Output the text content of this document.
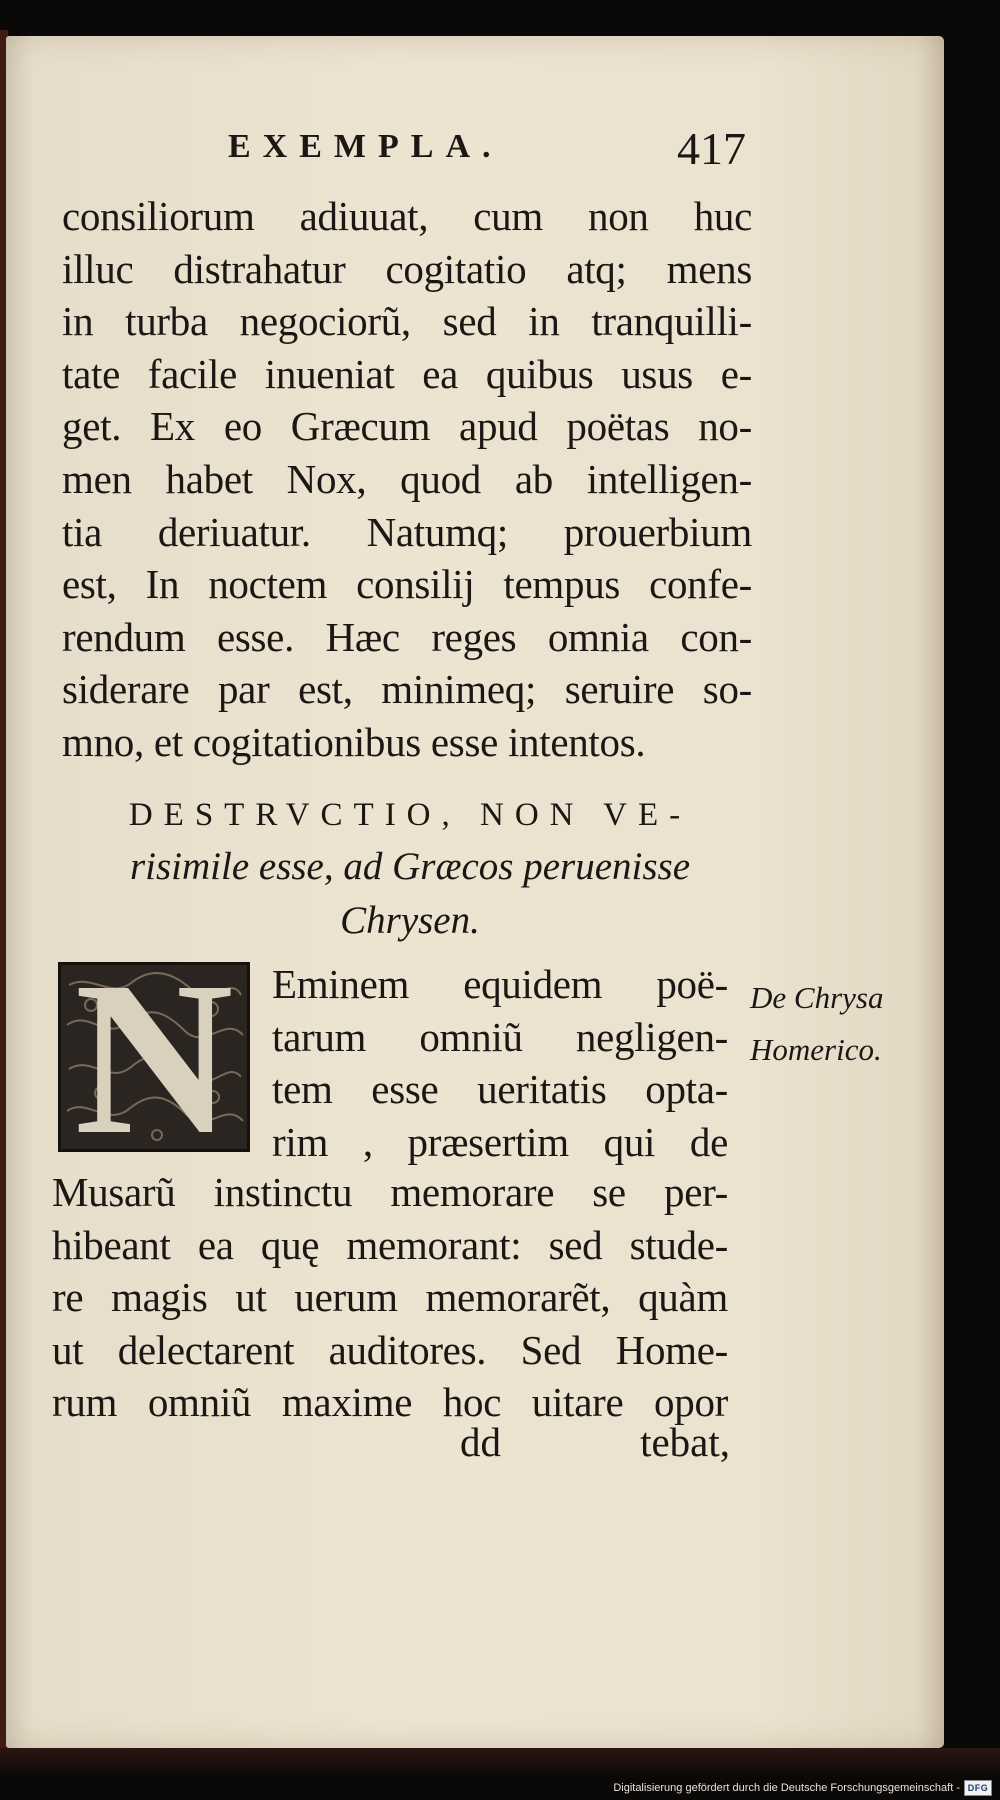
EXEMPLA.	417
consiliorum adiuuat, cum non huc
illuc distrahatur cogitatio atq; mens
in turba negociorũ, sed in tranquilli-
tate facile inueniat ea quibus usus e-
get. Ex eo Græcum apud poëtas no-
men habet Nox, quod ab intelligen-
tia deriuatur. Natumq; prouerbium
est, In noctem consilij tempus confe-
rendum esse. Hæc reges omnia con-
siderare par est, minimeq; seruire so-
mno, et cogitationibus esse intentos.
DESTRVCTIO, NON VE-
risimile esse, ad Græcos peruenisse
Chrysen.
N Eminem equidem poë-
tarum omniũ negligen-
tem esse ueritatis opta-
rim , præsertim qui de
Musarũ instinctu memorare se per-
hibeant ea quę memorant: sed stude-
re magis ut uerum memorarẽt, quàm
ut delectarent auditores. Sed Home-
rum omniũ maxime hoc uitare opor
dd	tebat,
De Chrysa
Homerico.
Digitalisierung gefördert durch die Deutsche Forschungsgemeinschaft - DFG
